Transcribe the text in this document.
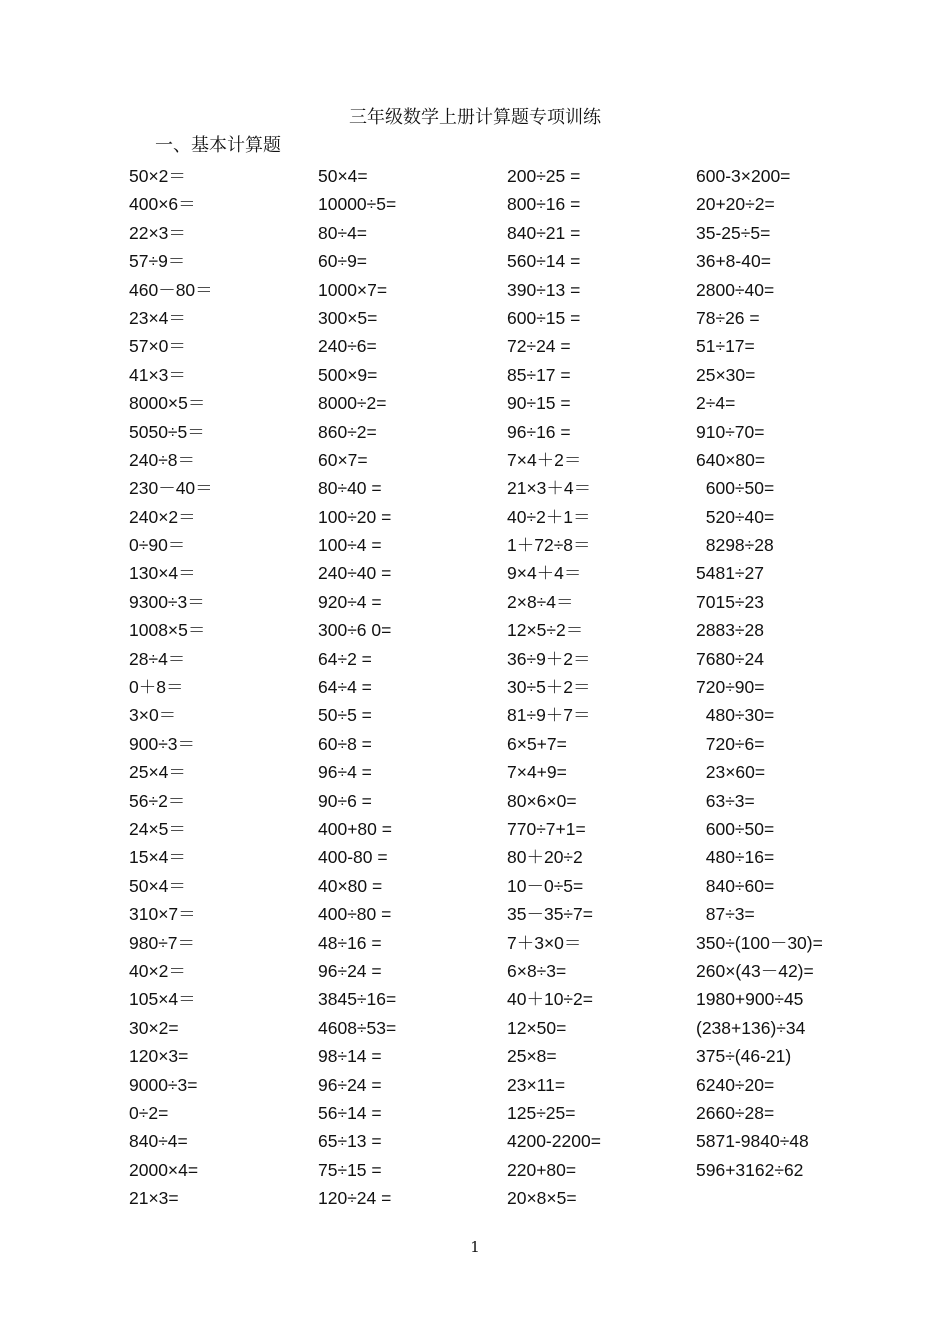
三年级数学上册计算题专项训练
一、基本计算题
50×2＝	50×4=	200÷25 =	600-3×200=
400×6＝	10000÷5=	800÷16 =	20+20÷2=
22×3＝	80÷4=	840÷21 =	35-25÷5=
57÷9＝	60÷9=	560÷14 =	36+8-40=
460－80＝	1000×7=	390÷13 =	2800÷40=
23×4＝	300×5=	600÷15 =	78÷26 =
57×0＝	240÷6=	72÷24 =	51÷17=
41×3＝	500×9=	85÷17 =	25×30=
8000×5＝	8000÷2=	90÷15 =	2÷4=
5050÷5＝	860÷2=	96÷16 =	910÷70=
240÷8＝	60×7=	7×4＋2＝	640×80=
230－40＝	80÷40 =	21×3＋4＝	600÷50=
240×2＝	100÷20 =	40÷2＋1＝	520÷40=
0÷90＝	100÷4 =	1＋72÷8＝	8298÷28
130×4＝	240÷40 =	9×4＋4＝	5481÷27
9300÷3＝	920÷4 =	2×8÷4＝	7015÷23
1008×5＝	300÷6 0=	12×5÷2＝	2883÷28
28÷4＝	64÷2 =	36÷9＋2＝	7680÷24
0＋8＝	64÷4 =	30÷5＋2＝	720÷90=
3×0＝	50÷5 =	81÷9＋7＝	480÷30=
900÷3＝	60÷8 =	6×5+7=	720÷6=
25×4＝	96÷4 =	7×4+9=	23×60=
56÷2＝	90÷6 =	80×6×0=	63÷3=
24×5＝	400+80 =	770÷7+1=	600÷50=
15×4＝	400-80 =	80＋20÷2	480÷16=
50×4＝	40×80 =	10－0÷5=	840÷60=
310×7＝	400÷80 =	35－35÷7=	87÷3=
980÷7＝	48÷16 =	7＋3×0＝	350÷(100－30)=
40×2＝	96÷24 =	6×8÷3=	260×(43－42)=
105×4＝	3845÷16=	40＋10÷2=	1980+900÷45
30×2=	4608÷53=	12×50=	(238+136)÷34
120×3=	98÷14 =	25×8=	375÷(46-21)
9000÷3=	96÷24 =	23×11=	6240÷20=
0÷2=	56÷14 =	125÷25=	2660÷28=
840÷4=	65÷13 =	4200-2200=	5871-9840÷48
2000×4=	75÷15 =	220+80=	596+3162÷62
21×3=	120÷24 =	20×8×5=
1
